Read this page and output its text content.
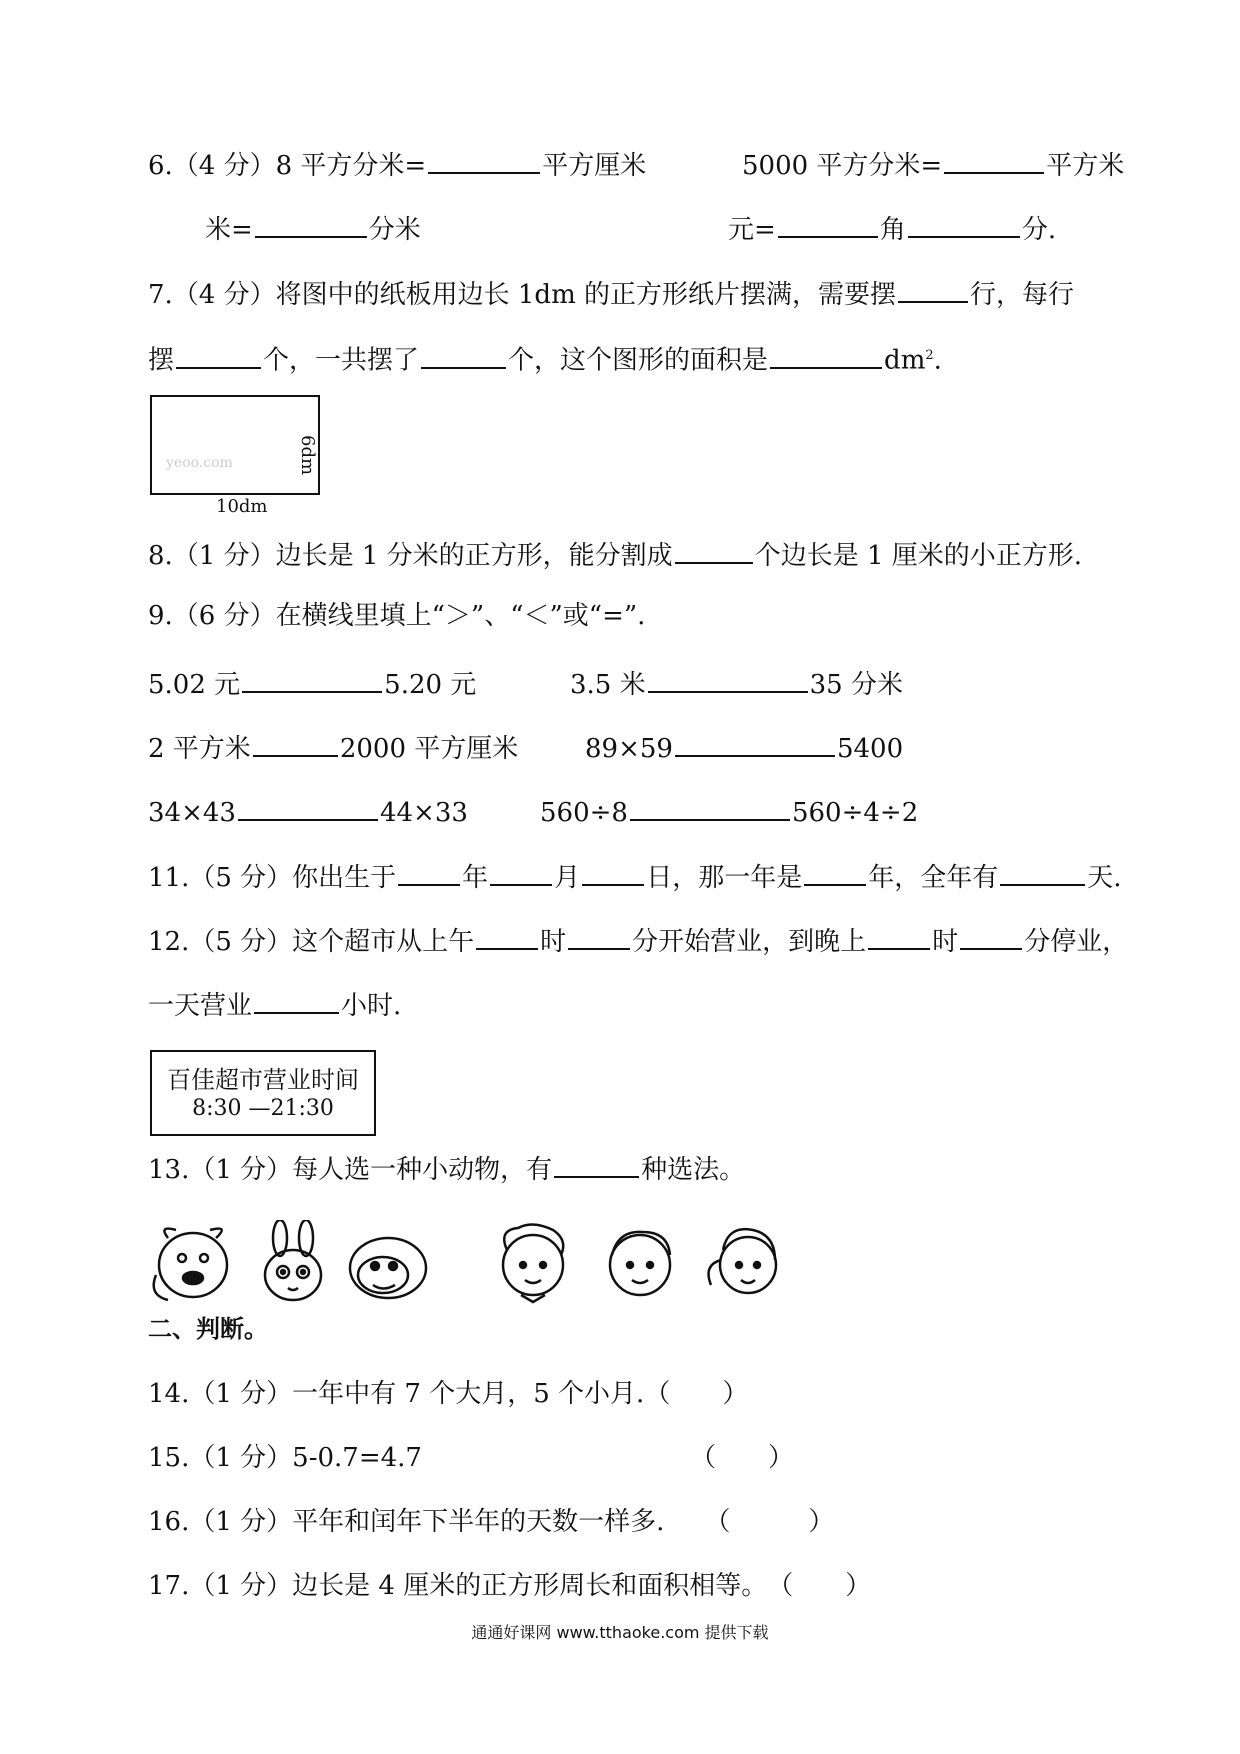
6.（4 分）8 平方分米=	平方厘米	5000 平方分米=	平方米
米=	分米	元=	角	分.
7.（4 分）将图中的纸板用边长 1dm 的正方形纸片摆满，需要摆	行，每行
摆	个，一共摆了	个，这个图形的面积是	$dm^2$.
yeoo.com
10dm
6dm
8.（1 分）边长是 1 分米的正方形，能分割成	个边长是 1 厘米的小正方形.
9.（6 分）在横线里填上“＞”、“＜”或“=”.
5.02 元	5.20 元	3.5 米	35 分米
2 平方米	2000 平方厘米	89×59	5400
34×43	44×33	560÷8	560÷4÷2
11.（5 分）你出生于	年	月	日，那一年是	年，全年有	天.
12.（5 分）这个超市从上午	时	分开始营业，到晚上	时	分停业，
一天营业	小时.
百佳超市营业时间
8:30 —21:30
13.（1 分）每人选一种小动物，有	种选法。
二、判断。
14.（1 分）一年中有 7 个大月，5 个小月.（　　）
15.（1 分）5-0.7=4.7	（　　）
16.（1 分）平年和闰年下半年的天数一样多. （　　　）
17.（1 分）边长是 4 厘米的正方形周长和面积相等。（　　）
通通好课网 www.tthaoke.com 提供下载
